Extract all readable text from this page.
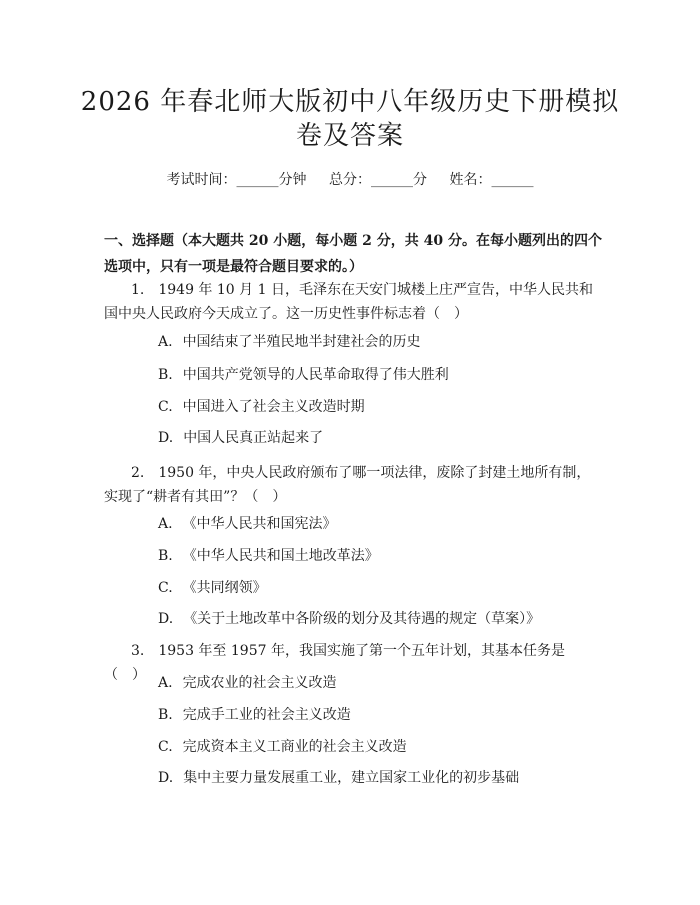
2026 年春北师大版初中八年级历史下册模拟
卷及答案
考试时间：______分钟 总分：______分 姓名：______
一、选择题（本大题共 20 小题，每小题 2 分，共 40 分。在每小题列出的四个选项中，只有一项是最符合题目要求的。）
1.　1949 年 10 月 1 日，毛泽东在天安门城楼上庄严宣告，中华人民共和国中央人民政府今天成立了。这一历史性事件标志着（　）
A. 中国结束了半殖民地半封建社会的历史
B. 中国共产党领导的人民革命取得了伟大胜利
C. 中国进入了社会主义改造时期
D. 中国人民真正站起来了
2.　1950 年，中央人民政府颁布了哪一项法律，废除了封建土地所有制，实现了“耕者有其田”？（　）
A. 《中华人民共和国宪法》
B. 《中华人民共和国土地改革法》
C. 《共同纲领》
D. 《关于土地改革中各阶级的划分及其待遇的规定（草案）》
3.　1953 年至 1957 年，我国实施了第一个五年计划，其基本任务是（　） A. 完成农业的社会主义改造
B. 完成手工业的社会主义改造
C. 完成资本主义工商业的社会主义改造
D. 集中主要力量发展重工业，建立国家工业化的初步基础
